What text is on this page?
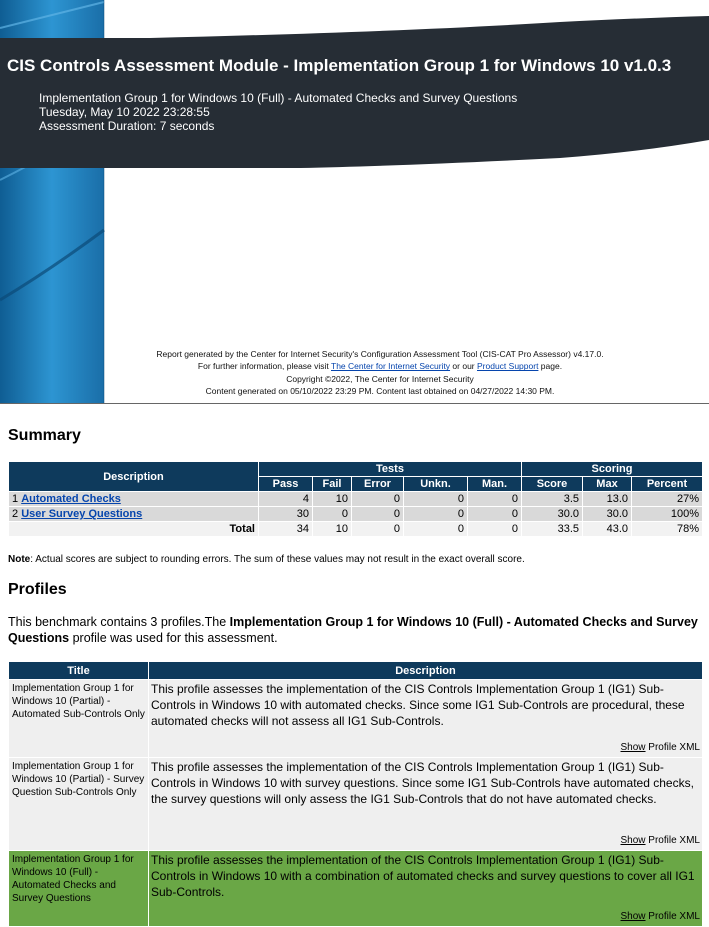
CIS Controls Assessment Module - Implementation Group 1 for Windows 10 v1.0.3
Implementation Group 1 for Windows 10 (Full) - Automated Checks and Survey Questions
Tuesday, May 10 2022 23:28:55
Assessment Duration: 7 seconds
Report generated by the Center for Internet Security's Configuration Assessment Tool (CIS-CAT Pro Assessor) v4.17.0.
For further information, please visit The Center for Internet Security or our Product Support page.
Copyright ©2022, The Center for Internet Security
Content generated on 05/10/2022 23:29 PM. Content last obtained on 04/27/2022 14:30 PM.
Summary
Description	Tests					Scoring		
	Pass	Fail	Error	Unkn.	Man.	Score	Max	Percent
1 Automated Checks	4	10	0	0	0	3.5	13.0	27%
2 User Survey Questions	30	0	0	0	0	30.0	30.0	100%
Total	34	10	0	0	0	33.5	43.0	78%
Note: Actual scores are subject to rounding errors. The sum of these values may not result in the exact overall score.
Profiles
This benchmark contains 3 profiles.The Implementation Group 1 for Windows 10 (Full) - Automated Checks and Survey Questions profile was used for this assessment.
Title	Description
Implementation Group 1 for Windows 10 (Partial) - Automated Sub-Controls Only	This profile assesses the implementation of the CIS Controls Implementation Group 1 (IG1) Sub-Controls in Windows 10 with automated checks. Since some IG1 Sub-Controls are procedural, these automated checks will not assess all IG1 Sub-Controls.
Show Profile XML

Implementation Group 1 for Windows 10 (Partial) - Survey Question Sub-Controls Only	This profile assesses the implementation of the CIS Controls Implementation Group 1 (IG1) Sub-Controls in Windows 10 with survey questions. Since some IG1 Sub-Controls have automated checks, the survey questions will only assess the IG1 Sub-Controls that do not have automated checks.
Show Profile XML

Implementation Group 1 for Windows 10 (Full) - Automated Checks and Survey Questions	This profile assesses the implementation of the CIS Controls Implementation Group 1 (IG1) Sub-Controls in Windows 10 with a combination of automated checks and survey questions to cover all IG1 Sub-Controls.
Show Profile XML
